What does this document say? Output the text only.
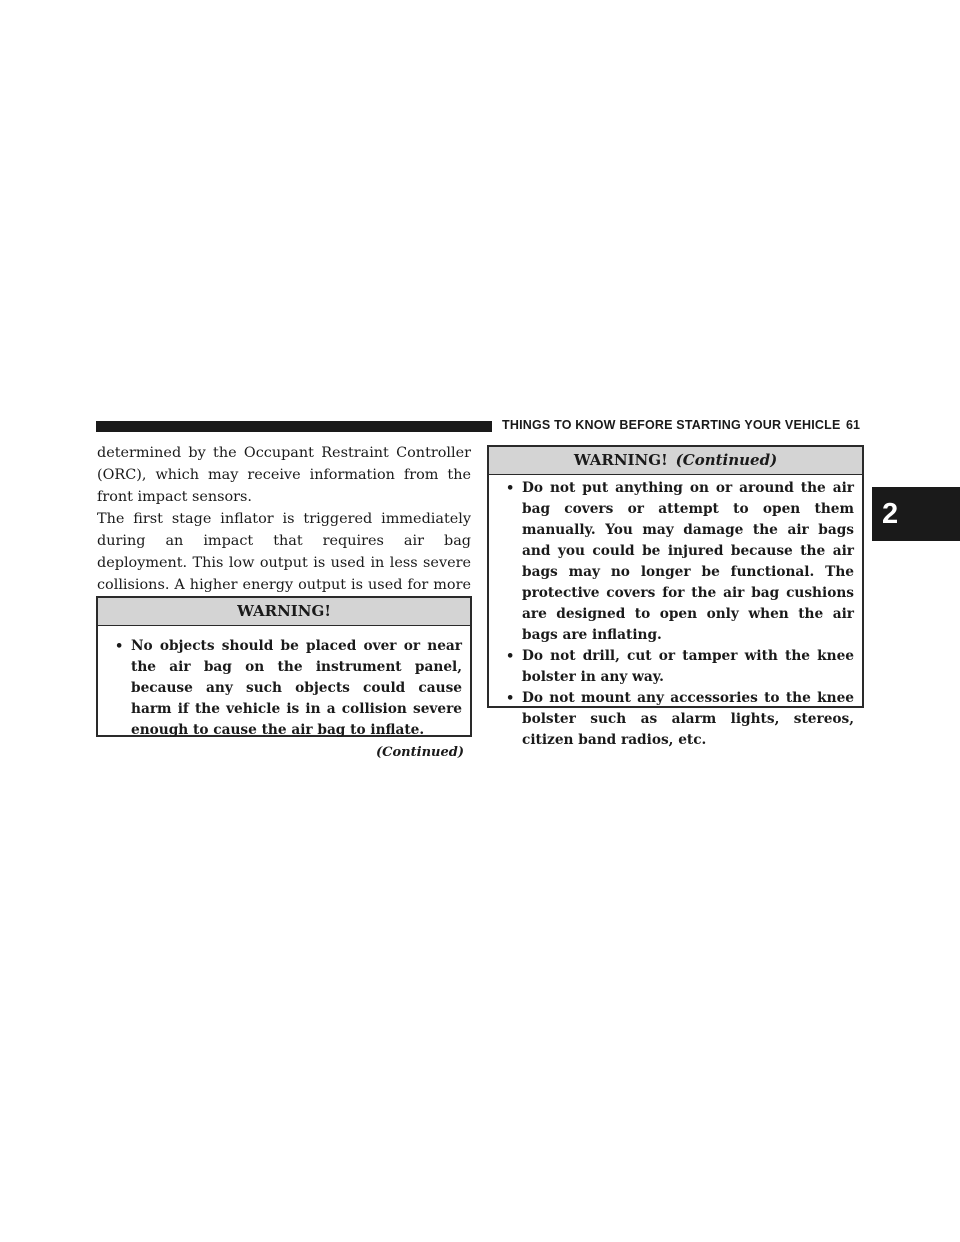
THINGS TO KNOW BEFORE STARTING YOUR VEHICLE 61
2

determined by the Occupant Restraint Controller (ORC), which may receive information from the front impact sensors.

The first stage inflator is triggered immediately during an impact that requires air bag deployment. This low output is used in less severe collisions. A higher energy output is used for more

WARNING!
• No objects should be placed over or near the air bag on the instrument panel, because any such objects could cause harm if the vehicle is in a collision severe enough to cause the air bag to inflate.
(Continued)
WARNING! (Continued)
• Do not put anything on or around the air bag covers or attempt to open them manually. You may damage the air bags and you could be injured because the air bags may no longer be functional. The protective covers for the air bag cushions are designed to open only when the air bags are inflating.
• Do not drill, cut or tamper with the knee bolster in any way.
• Do not mount any accessories to the knee bolster such as alarm lights, stereos, citizen band radios, etc.
